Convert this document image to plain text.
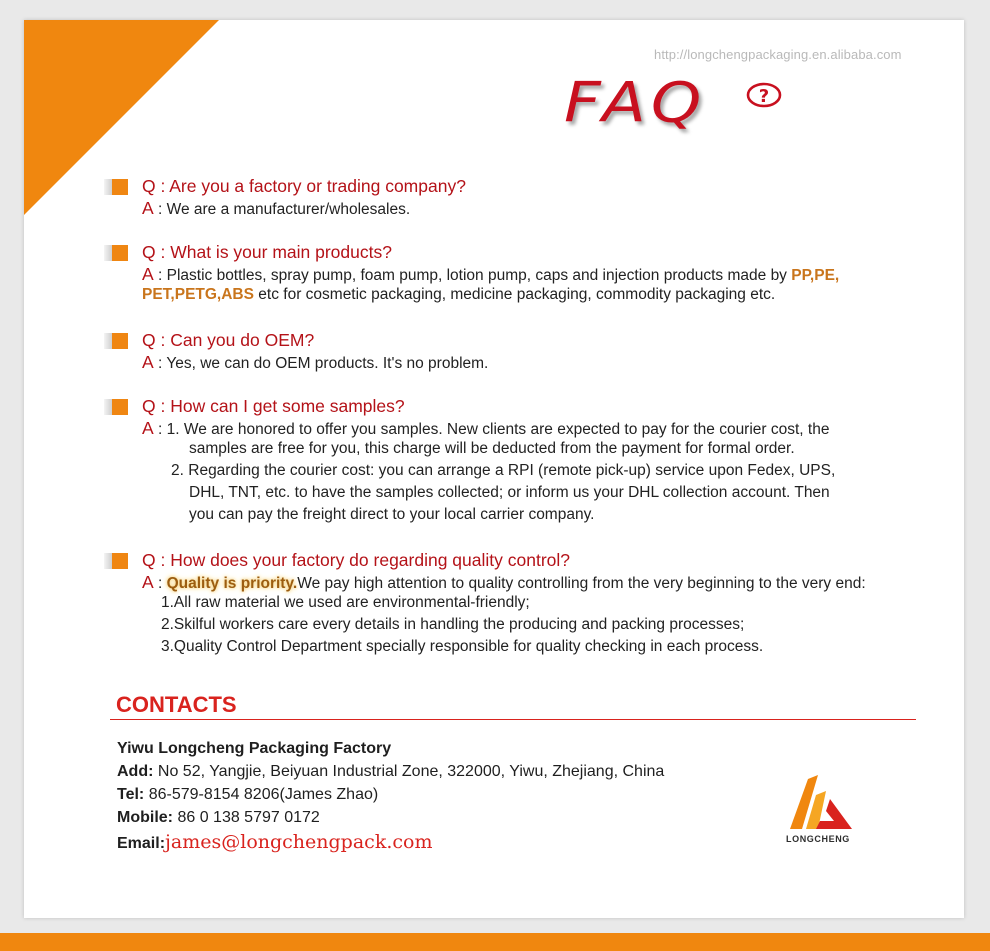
http://longchengpackaging.en.alibaba.com
FAQ	?
Q : Are you a factory or trading company?
A : We are a manufacturer/wholesales.
Q : What is your main products?
A : Plastic bottles, spray pump, foam pump, lotion pump, caps and injection products made by PP,PE,
PET,PETG,ABS etc for cosmetic packaging, medicine packaging, commodity packaging etc.
Q : Can you do OEM?
A : Yes, we can do OEM products. It's no problem.
Q : How can I get some samples?
A : 1. We are honored to offer you samples. New clients are expected to pay for the courier cost, the
samples are free for you, this charge will be deducted from the payment for formal order.
2. Regarding the courier cost: you can arrange a RPI (remote pick-up) service upon Fedex, UPS,
DHL, TNT, etc. to have the samples collected; or inform us your DHL collection account. Then
you can pay the freight direct to your local carrier company.
Q : How does your factory do regarding quality control?
A : Quality is priority.We pay high attention to quality controlling from the very beginning to the very end:
1.All raw material we used are environmental-friendly;
2.Skilful workers care every details in handling the producing and packing processes;
3.Quality Control Department specially responsible for quality checking in each process.
CONTACTS
Yiwu Longcheng Packaging Factory
Add: No 52, Yangjie, Beiyuan Industrial Zone, 322000, Yiwu, Zhejiang, China
Tel: 86-579-8154 8206(James Zhao)
Mobile: 86 0 138 5797 0172
Email:james@longchengpack.com	LONGCHENG
